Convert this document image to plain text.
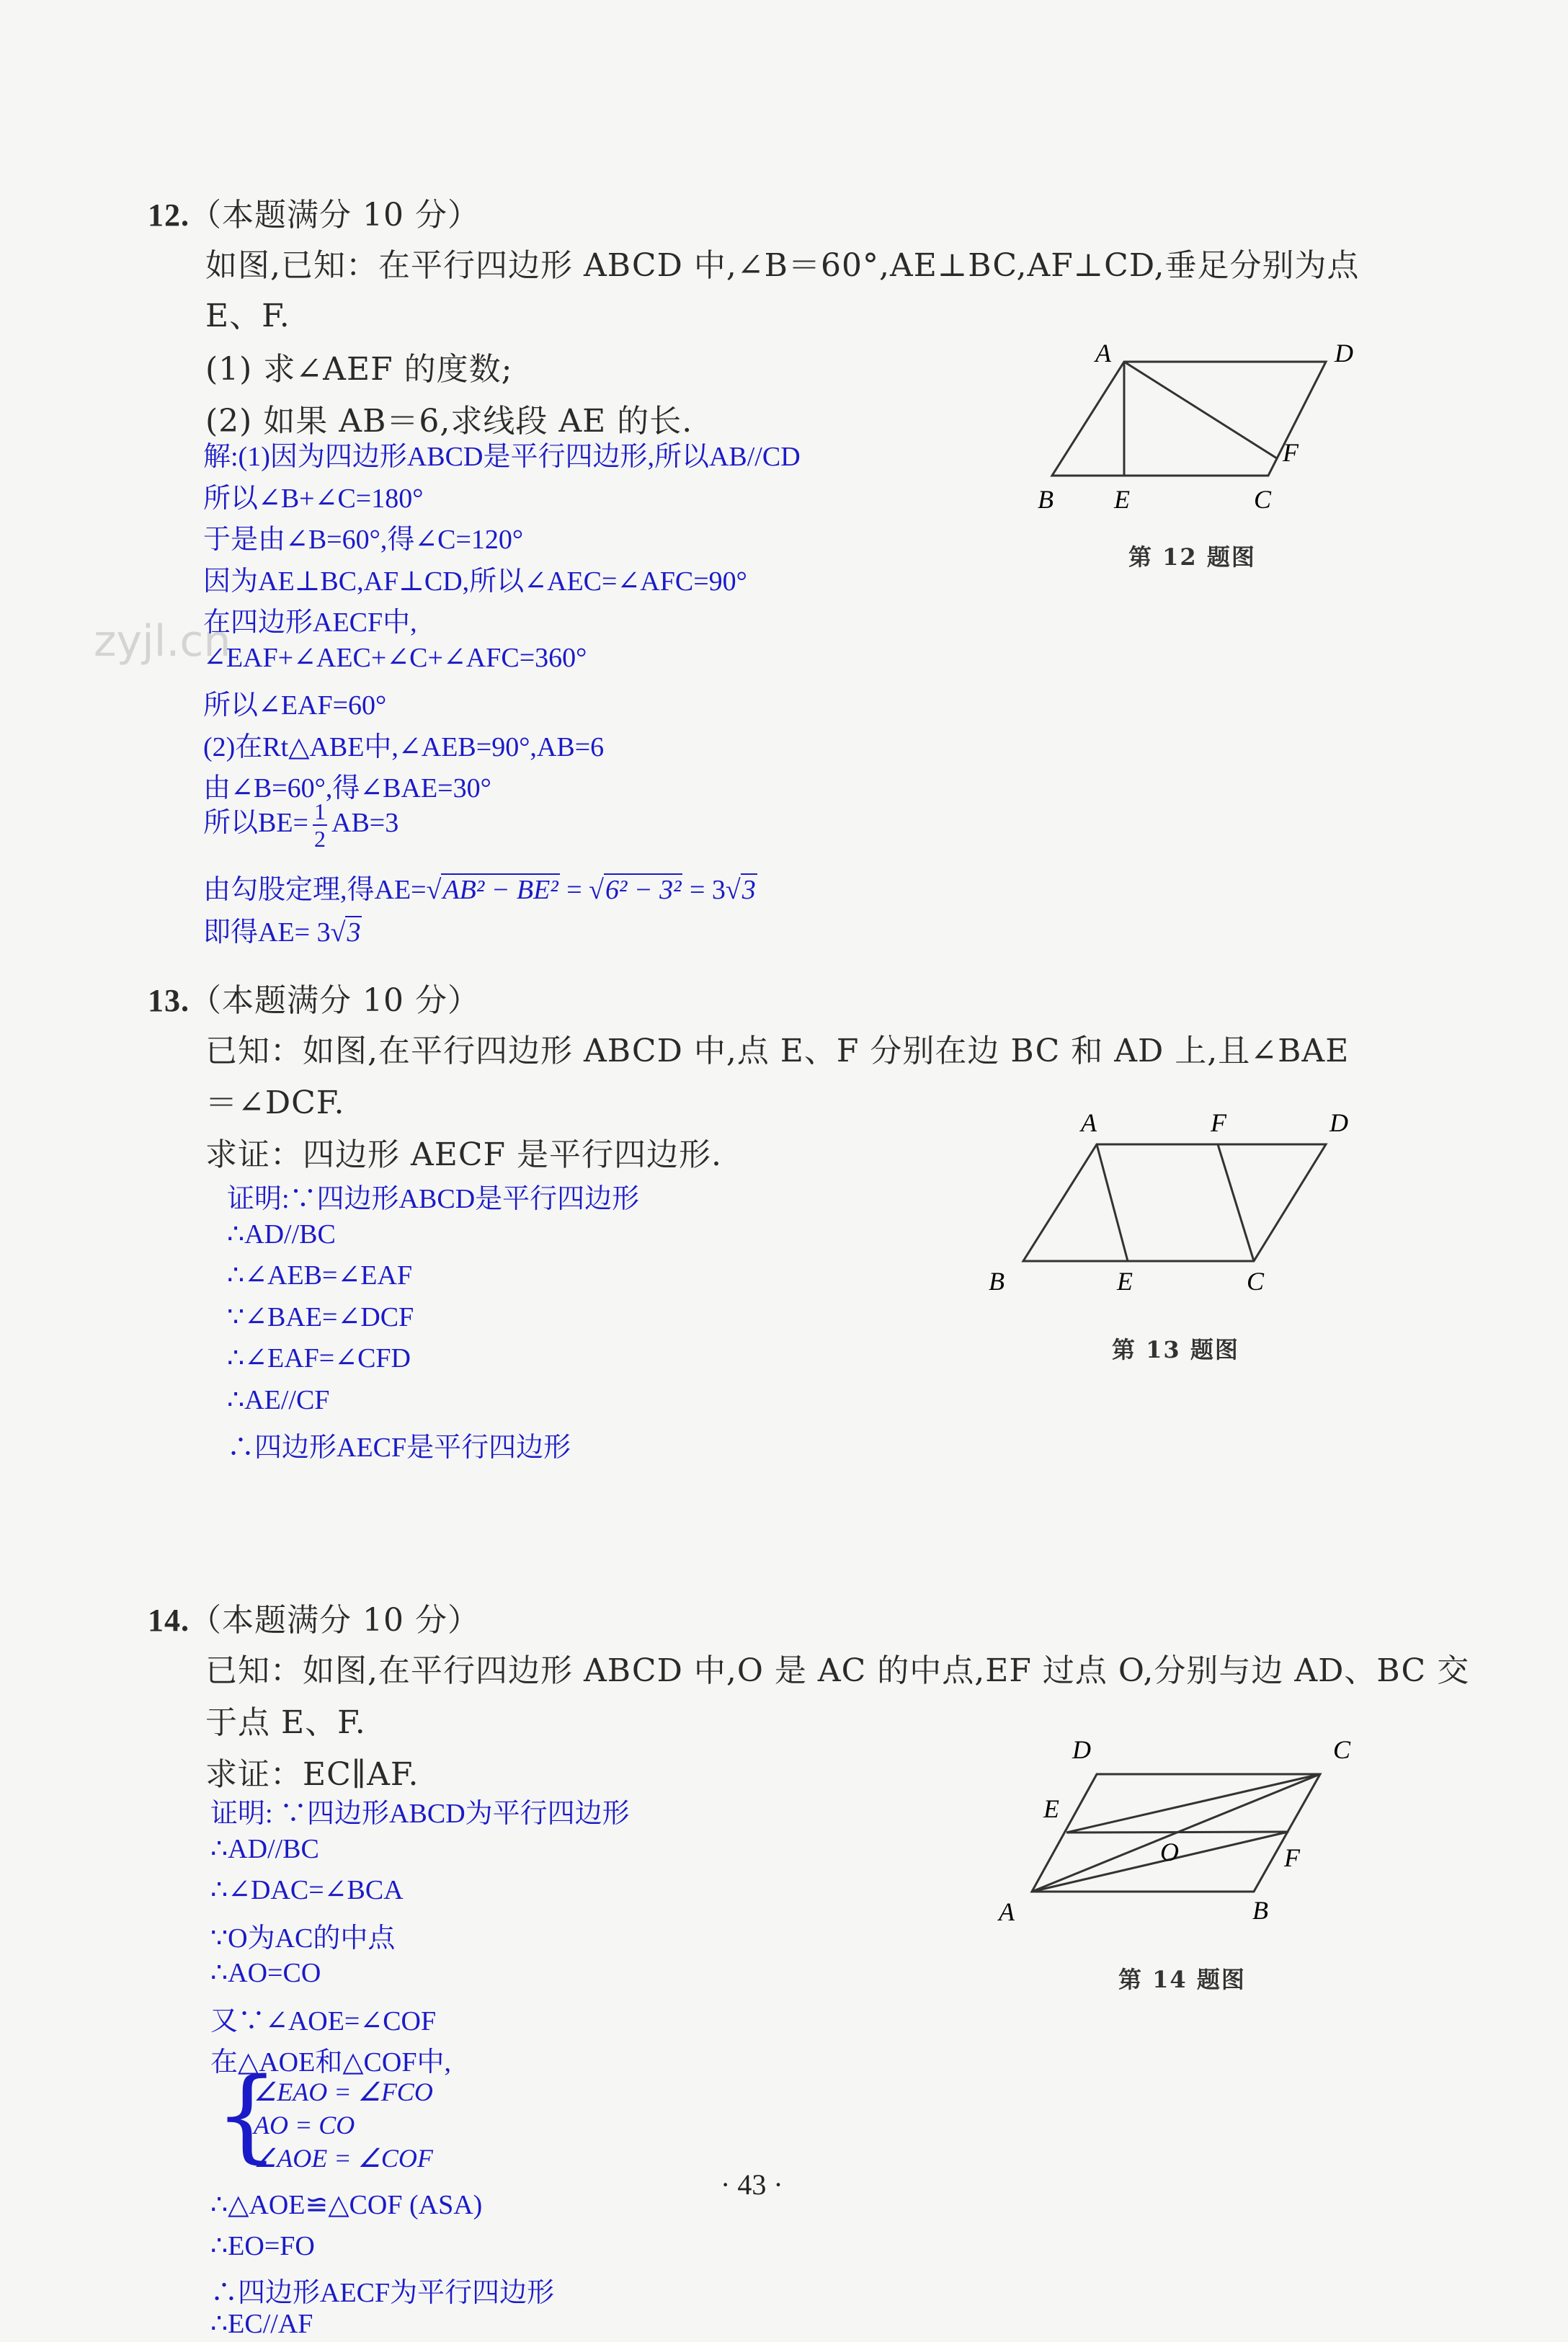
zyjl.cn
12.（本题满分 10 分）
如图,已知：在平行四边形 ABCD 中,∠B＝60°,AE⊥BC,AF⊥CD,垂足分别为点
E、F.
(1) 求∠AEF 的度数;
(2) 如果 AB＝6,求线段 AE 的长.
A	D
F
B E	C
第 12 题图
解:(1)因为四边形ABCD是平行四边形,所以AB//CD
所以∠B+∠C=180°
于是由∠B=60°,得∠C=120°
因为AE⊥BC,AF⊥CD,所以∠AEC=∠AFC=90°
在四边形AECF中,
∠EAF+∠AEC+∠C+∠AFC=360°
所以∠EAF=60°
(2)在Rt△ABE中,∠AEB=90°,AB=6
由∠B=60°,得∠BAE=30°
所以$BE= \frac{1}{2} AB=3$
由勾股定理,得AE=√AB² − BE² = √6² − 3² = 3√3
即得AE= 3√3
13.（本题满分 10 分）
已知：如图,在平行四边形 ABCD 中,点 E、F 分别在边 BC 和 AD 上,且∠BAE
＝∠DCF.
求证：四边形 AECF 是平行四边形.
A	F	D
B	E	C
第 13 题图
证明:∵四边形ABCD是平行四边形
∴AD//BC
∴∠AEB=∠EAF
∵∠BAE=∠DCF
∴∠EAF=∠CFD
∴AE//CF
∴四边形AECF是平行四边形
14.（本题满分 10 分）
已知：如图,在平行四边形 ABCD 中,O 是 AC 的中点,EF 过点 O,分别与边 AD、BC 交
于点 E、F.
求证：EC∥AF.
D	C
E
O	F
A	B
第 14 题图
证明: ∵四边形ABCD为平行四边形
∴AD//BC
∴∠DAC=∠BCA
∵O为AC的中点
∴AO=CO
又∵∠AOE=∠COF
在△AOE和△COF中,
{
∠EAO = ∠FCO
AO = CO
∠AOE = ∠COF
∴△AOE≌△COF (ASA)
∴EO=FO
∴四边形AECF为平行四边形
∴EC//AF
· 43 ·
